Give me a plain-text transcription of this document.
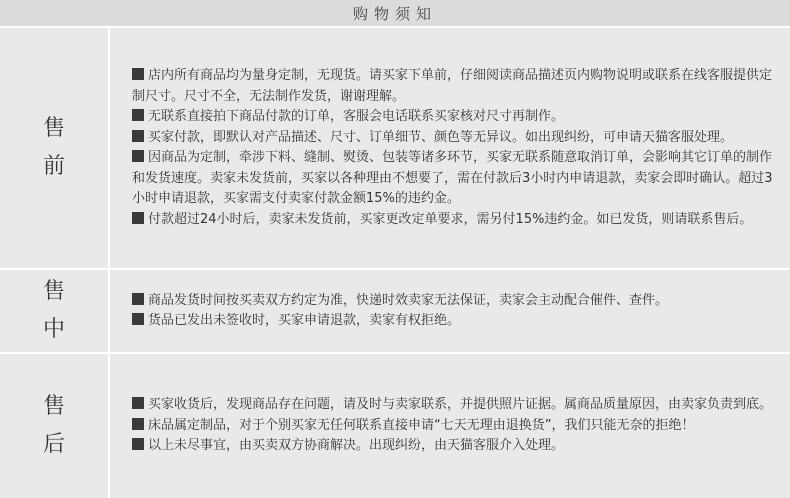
购物须知
售
前

店内所有商品均为量身定制，无现货。请买家下单前，仔细阅读商品描述页内购物说明或联系在线客服提供定制尺寸。尺寸不全，无法制作发货，谢谢理解。

无联系直接拍下商品付款的订单，客服会电话联系买家核对尺寸再制作。

买家付款，即默认对产品描述、尺寸、订单细节、颜色等无异议。如出现纠纷，可申请天猫客服处理。

因商品为定制，牵涉下料、缝制、熨烫、包装等诸多环节，买家无联系随意取消订单，会影响其它订单的制作和发货速度。卖家未发货前，买家以各种理由不想要了，需在付款后3小时内申请退款，卖家会即时确认。超过3小时申请退款，买家需支付卖家付款金额15%的违约金。

付款超过24小时后，卖家未发货前，买家更改定单要求，需另付15%违约金。如已发货，则请联系售后。

售
中

商品发货时间按买卖双方约定为准，快递时效卖家无法保证，卖家会主动配合催件、查件。

货品已发出未签收时，买家申请退款，卖家有权拒绝。

售
后

买家收货后，发现商品存在问题，请及时与卖家联系，并提供照片证据。属商品质量原因，由卖家负责到底。

床品属定制品，对于个别买家无任何联系直接申请“七天无理由退换货”，我们只能无奈的拒绝！

以上未尽事宜，由买卖双方协商解决。出现纠纷，由天猫客服介入处理。
